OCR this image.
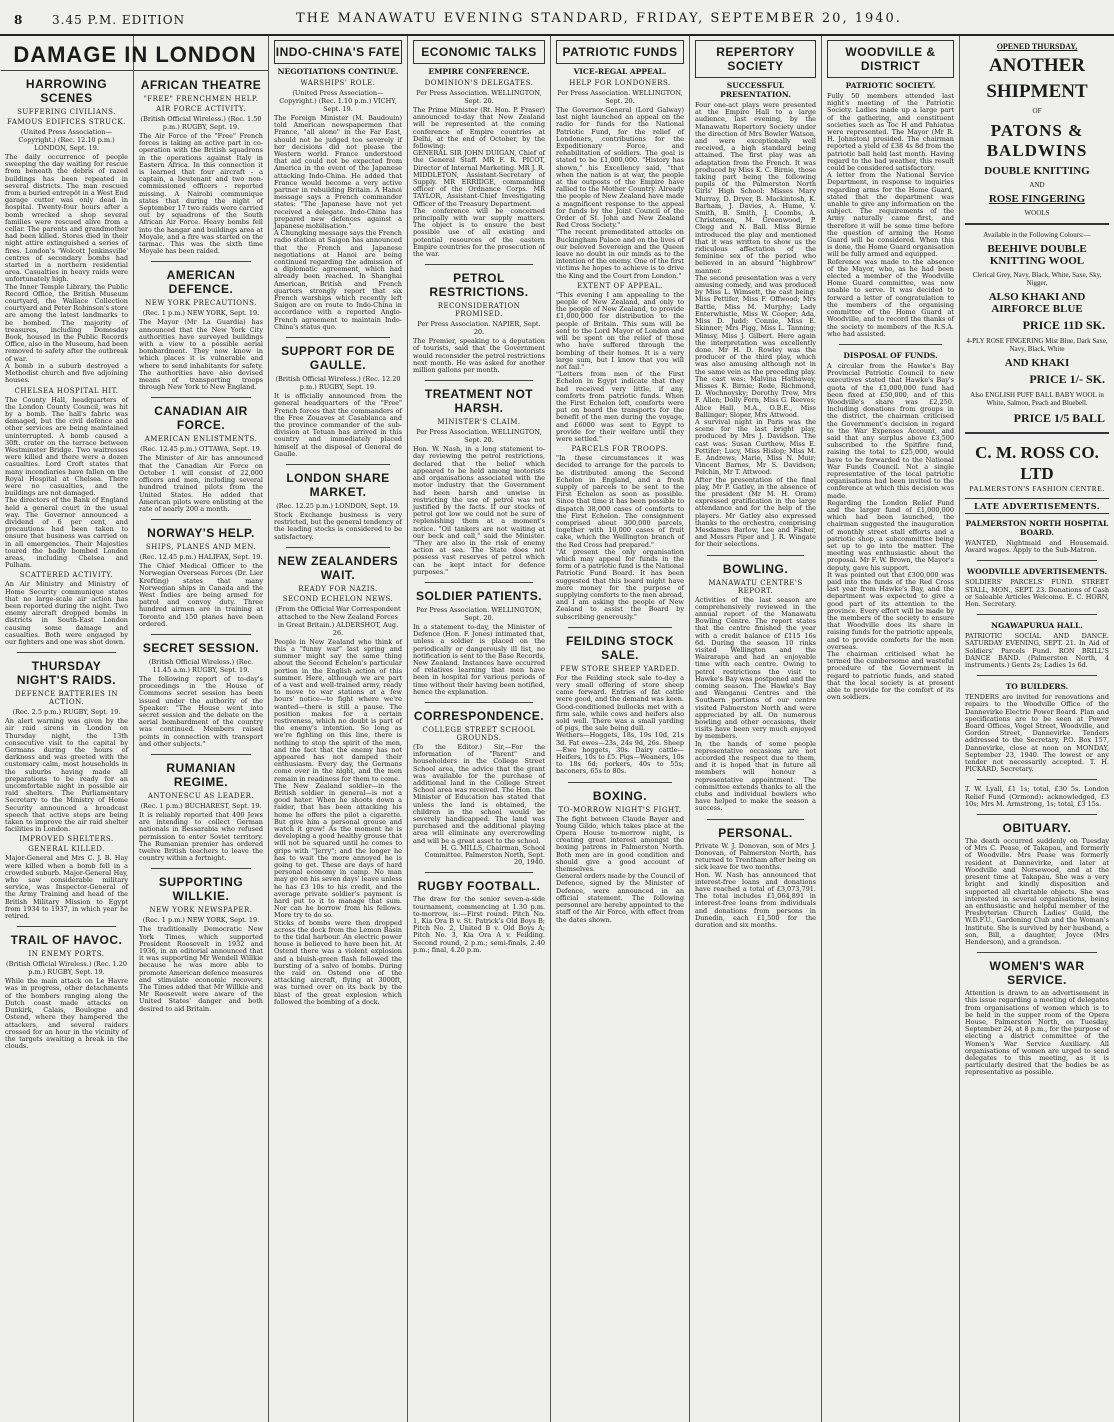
8 3.45 P.M. EDITION	THE MANAWATU EVENING STANDARD, FRIDAY, SEPTEMBER 20, 1940.
DAMAGE IN LONDON
HARROWING SCENES
SUFFERING CIVILIANS.
FAMOUS EDIFICES STRUCK.
(United Press Association—Copyright.) (Rec. 12.10 p.m.) LONDON, Sept. 19.

The daily occurrence of people sweeping the day waiting for rescue from beneath the debris of razed buildings has been repeated in several districts. The man rescued from a buried entrepôt in a West End garage cutter was only dead in hospital. Twenty-four hours after a bomb wrecked a shop several families were rescued alive from a cellar. The parents and grandmother had been killed. Stores died in their night attire extinguished a series of fires. London's 'Wolcott Jenkinsville' centres of secondary bombs had started in a northern residential area. Casualties in heavy raids were unfortunately high.

The Inner Temple Library, the Public Record Office, the British Museum courtyard, the Wallace Collection courtyard and Peter Robinson's store are among the latest landmarks to be bombed. The majority of treasures, including Domesday Book, housed in the Public Records Office, also in the Museum, had been removed to safety after the outbreak of war.

A bomb in a suburb destroyed a Methodist church and five adjoining houses.

CHELSEA HOSPITAL HIT.

The County Hall, headquarters of the London County Council, was hit by a bomb. The hall's fabric was damaged, but the civil defence and other services are being maintained uninterrupted. A bomb caused a 30ft. crater on the terrace between Westminster Bridge. Two waitresses were killed and there were a dozen casualties. Lord Croft states that many incendiaries have fallen on the Royal Hospital at Chelsea. There were no casualties, and the buildings are not damaged.

The directors of the Bank of England held a general court in the usual way. The Governor announced a dividend of 6 per cent, and precautions had been taken to ensure that business was carried on in all emergencies. Their Majesties toured the badly bombed London areas, including Chelsea and Pulham.

SCATTERED ACTIVITY.

An Air Ministry and Ministry of Home Security communique states that no large-scale air action has been reported during the night. Two enemy aircraft dropped bombs in districts in South-East London causing some damage and casualties. Both were engaged by our fighters and one was shot down.

THURSDAY NIGHT'S RAIDS.
DEFENCE BATTERIES IN ACTION.
(Rec. 2.5 p.m.) RUGBY, Sept. 19.

An alert warning was given by the air raid sirens in London on Thursday night, the 13th consecutive visit to the capital by Germans during the hours of darkness and was greeted with the customary calm, most households in the suburbs having made all preparations to be ready for an uncomfortable night in possible air raid shelters. The Parliamentary Secretary to the Ministry of Home Security announced a broadcast speech that active steps are being taken to improve the air raid shelter facilities in London.

IMPROVED SHELTERS.
GENERAL KILLED.

Major-General and Mrs C. J. B. Hay were killed when a bomb fell in a crowded suburb. Major-General Hay, who saw considerable military service, was Inspector-General of the Army Training and head of the British Military Mission to Egypt from 1934 to 1937, in which year he retired.

TRAIL OF HAVOC.
IN ENEMY PORTS.
(British Official Wireless.) (Rec. 1.20 p.m.) RUGBY, Sept. 19.

While the main attack on Le Havre was in progress, other detachments of the bombers ranging along the Dutch coast made attacks on Dunkirk, Calais, Boulogne and Ostend, where they hampered the attackers, and several raiders crossed for an hour in the vicinity of the targets awaiting a break in the clouds.

AFRICAN THEATRE
"FREE" FRENCHMEN HELP.
AIR FORCE ACTIVITY.
(British Official Wireless.) (Rec. 1.50 p.m.) RUGBY, Sept. 19.

The Air Force of the "Free" French forces is taking an active part in co-operation with the British squadrons in the operations against Italy in Eastern Africa. In this connection it is learned that four aircraft - a captain, a lieutenant and two non-commissioned officers - reported missing. A Nairobi communique states that during the night of September 17 two raids were carried out by squadrons of the South African Air Force. Heavy bombs fell into the hangar and buildings area at Moyale, and a fire was started on the tarmac. This was the sixth time Moyale has been raided.

AMERICAN DEFENCE.
NEW YORK PRECAUTIONS.
(Rec. 1 p.m.) NEW YORK, Sept. 19.

The Mayor (Mr La Guardia) has announced that the New York City authorities have surveyed buildings with a view to a possible aerial bombardment. They now know in which places it is vulnerable and where to send inhabitants for safety. The authorities have also devised means of transporting troops through New York to New England.

CANADIAN AIR FORCE.
AMERICAN ENLISTMENTS.
(Rec. 12.45 p.m.) OTTAWA, Sept. 19.

The Minister of Air has announced that the Canadian Air Force on October 1 will consist of 22,000 officers and men, including several hundred trained pilots from the United States. He added that American pilots were enlisting at the rate of nearly 200 a month.

NORWAY'S HELP.
SHIPS, PLANES AND MEN.
(Rec. 12.45 p.m.) HALIFAX, Sept. 19.

The Chief Medical Officer to the Norwegian Overseas Forces (Dr. Lier Krefting) states that many Norwegian ships in Canada and the West Indies are being armed for patrol and convoy duty. Three hundred airmen are in training at Toronto and 150 planes have been ordered.

SECRET SESSION.
(British Official Wireless.) (Rec. 11.45 a.m.) RUGBY, Sept. 19.

The following report of to-day's proceedings in the House of Commons secret session has been issued under the authority of the Speaker: "The House went into secret session and the debate on the aerial bombardment of the country was continued. Members raised points in connection with transport and other subjects."

RUMANIAN REGIME.
ANTONESCU AS LEADER.
(Rec. 1 p.m.) BUCHAREST, Sept. 19.

It is reliably reported that 400 Jews are intending to collect German nationals in Bessarabia who refused permission to enter Soviet territory. The Rumanian premier has ordered twelve British teachers to leave the country within a fortnight.

SUPPORTING WILLKIE.
NEW YORK NEWSPAPER.
(Rec. 1 p.m.) NEW YORK, Sept. 19.

The traditionally Democratic New York Times, which supported President Roosevelt in 1932 and 1936, in an editorial announced that it was supporting Mr Wendell Willkie because he was more able to promote American defence measures and stimulate economic recovery. The Times added that Mr Willkie and Mr Roosevelt were aware of the United States' danger and both desired to aid Britain.

INDO-CHINA'S FATE
NEGOTIATIONS CONTINUE.
WARSHIPS' ROLE.
(United Press Association—Copyright.) (Rec. 1.10 p.m.) VICHY, Sept. 19.

The Foreign Minister (M. Baudouin) told American newspapermen that France, "all alone" in the Far East, should not be judged too severely if her decisions did not please the Western world. France understood that aid could not be expected from America in the event of the Japanese attacking Indo-China. He added that France would become a very active partner in rebuilding Britain. A Hanoi message says a French commander states: "The Japanese have not yet received a delegate. Indo-China has prepared new defences against a Japanese mobilisation."

A Chungking message says the French radio station at Saigon has announced that the French and Japanese negotiations at Hanoi are being continued regarding the admission of a diplomatic agreement, which had already been reached. In Shanghai American, British and French quarters strongly report that six French warships which recently left Saigon are on route to Indo-China in accordance with a reported Anglo-French agreement to maintain Indo-China's status quo.

SUPPORT FOR DE GAULLE.
(British Official Wireless.) (Rec. 12.20 p.m.) RUGBY, Sept. 19.

It is officially announced from the general headquarters of the "Free" French forces that the commanders of the Free Zouaves at Casablanca and the province commander of the sub-division at Tetuan has arrived in this country and immediately placed himself at the disposal of General de Gaulle.

LONDON SHARE MARKET.
(Rec. 12.25 p.m.) LONDON, Sept. 19.

Stock Exchange business is very restricted, but the general tendency of the leading stocks is considered to be satisfactory.

NEW ZEALANDERS WAIT.
READY FOR NAZIS.
SECOND ECHELON NEWS.
(From the Official War Correspondent attached to the New Zealand Forces in Great Britain.) ALDERSHOT, Aug. 26.

People in New Zealand who think of this a "funny war" last spring and summer might say the same thing about the Second Echelon's particular portion in the English action of this summer. Here, although we are part of a vast and well-trained army, ready to move to war stations at a few hours' notice—to fight where we're wanted—there is still a pause. The position makes for a certain restiveness, which no doubt is part of the enemy's intention. So long as we're fighting on this line, there is nothing to stop the spirit of the men, and the fact that the enemy has not appeared has not damped their enthusiasm. Every day, the Germans come over in the night, and the men remain in readiness for them to come.

The New Zealand soldier—in the British soldier in general—is not a good hater. When he shoots down a raider, that has been attacking his home he offers the pilot a cigarette. But give him a personal grouse and watch it grow! As the moment he is developing a good healthy grouse that will not be squared until he comes to grips with "Jerry"; and the longer he has to wait the more annoyed he is going to get. These are days of hard personal economy in camp. No man may go on his seven days' leave unless he has £3 10s to his credit, and the average private soldier's payment is hard put to it to manage that sum. Nor can he borrow from his fellows. More try to do so.

Sticks of bombs were then dropped across the dock from the Lemon Basin to the tidal harbour. An electric power house is believed to have been hit. At Ostend there was a violent explosion and a bluish-green flash followed the bursting of a salvo of bombs. During the raid on Ostend one of the attacking aircraft, flying at 3000ft, was turned over on its back by the blast of the great explosion which followed the bombing of a dock.

ECONOMIC TALKS
EMPIRE CONFERENCE.
DOMINION'S DELEGATES.
Per Press Association. WELLINGTON, Sept. 20.

The Prime Minister (Rt. Hon. P. Fraser) announced to-day that New Zealand will be represented at the coming conference of Empire countries at Delhi, at the end of October, by the following:

GENERAL SIR JOHN DUIGAN, Chief of the General Staff. MR F. R. PICOT, Director of Internal Marketing. MR J. R. MIDDLETON, Assistant-Secretary of Supply. MR ERRIDGE, commanding officer of the Ordnance Corps. MR TAYLOR, Assistant-Chief Investigating Officer of the Treasury Department.

The conference will be concerned principally with war supply matters. The object is to ensure the best possible use of all existing and potential resources of the eastern Empire countries for the prosecution of the war.

PETROL RESTRICTIONS.
RECONSIDERATION PROMISED.
Per Press Association. NAPIER, Sept. 20.

The Premier, speaking to a deputation of tourists, said that the Government would reconsider the petrol restrictions next month. He was asked for another million gallons per month.

TREATMENT NOT HARSH.
MINISTER'S CLAIM.
Per Press Association. WELLINGTON, Sept. 20.

Hon. W. Nash, in a long statement to-day reviewing the petrol restrictions, declared that the belief which appeared to be held among motorists and organisations associated with the motor industry that the Government had been harsh and unwise in restricting the use of petrol was not justified by the facts. If our stocks of petrol got low we could not be sure of replenishing them at a moment's notice. "Oil tankers are not waiting at our beck and call," said the Minister. "They are also in the risk of enemy action at sea. The State does not possess vast reserves of petrol which can be kept intact for defence purposes."

SOLDIER PATIENTS.
Per Press Association. WELLINGTON, Sept. 20.

In a statement to-day, the Minister of Defence (Hon. F. Jones) intimated that, unless a soldier is placed on the periodically or dangerously ill list, no notification is sent to the Base Records, New Zealand. Instances have occurred of relatives learning that men have been in hospital for various periods of time without their having been notified, hence the explanation.

CORRESPONDENCE.
COLLEGE STREET SCHOOL GROUNDS.

(To the Editor.) Sir,—For the information of "Parent" and householders in the College Street School area, the advice that the grant was available for the purchase of additional land in the College Street School area was received. The Hon. the Minister of Education has stated that unless the land is obtained, the children in the school would be severely handicapped. The land was purchased and the additional playing area will eliminate any overcrowding and will be a great asset to the school.

H. G. MILLS, Chairman, School Committee. Palmerston North, Sept. 20, 1940.

RUGBY FOOTBALL.

The draw for the senior seven-a-side tournament, commencing at 1.30 p.m. to-morrow, is:—First round: Pitch No. 1, Kia Ora B v. St. Patrick's Old Boys B; Pitch No. 2, United B v. Old Boys A; Pitch No. 3, Kia Ora A v. Feilding. Second round, 2 p.m.; semi-finals, 2.40 p.m.; final, 4.20 p.m.

PATRIOTIC FUNDS
VICE-REGAL APPEAL.
HELP FOR LONDONERS.
Per Press Association. WELLINGTON, Sept. 20.

The Governor-General (Lord Galway) last night launched an appeal on the radio for funds for the National Patriotic Fund, for the relief of Londoners, contributions for the Expeditionary Force, and rehabilitation of soldiers. The goal is stated to be £1,000,000. "History has shown," his Excellency said, "that when the nation is at war, the people at the outposts of the Empire have rallied to the Mother Country. Already the people of New Zealand have made a magnificent response to the appeal for funds by the Joint Council of the Order of St. John and New Zealand Red Cross Society."

"The recent premeditated attacks on Buckingham Palace and on the lives of our beloved Sovereign and the Queen leave no doubt in our minds as to the intention of the enemy. One of the first victims he hopes to achieve is to drive the King and the Court from London."

EXTENT OF APPEAL.

"This evening I am appealing to the people of New Zealand, and only to the people of New Zealand, to provide £1,000,000 for distribution to the people of Britain. This sum will be sent to the Lord Mayor of London and will be spent on the relief of those who have suffered through the bombing of their homes. It is a very large sum, but I know that you will not fail."

"Letters from men of the First Echelon in Egypt indicate that they had received very little, if any, comforts from patriotic funds. When the First Echelon left, comforts were put on board the transports for the benefit of the men during the voyage, and £6000 was sent to Egypt to provide for their welfare until they were settled."

PARCELS FOR TROOPS.

"In these circumstances it was decided to arrange for the parcels to be distributed among the Second Echelon in England, and a fresh supply of parcels to be sent to the First Echelon as soon as possible. Since that time it has been possible to dispatch 38,000 cases of comforts to the First Echelon. The consignment comprised about 300,000 parcels, together with 10,000 cases of fruit cake, which the Wellington branch of the Red Cross had prepared."

"At present the only organisation which may appeal for funds in the form of a patriotic fund is the National Patriotic Fund Board. It has been suggested that this board might have more money for the purpose of supplying comforts to the men abroad, and I am asking the people of New Zealand to assist the Board by subscribing generously."

FEILDING STOCK SALE.
FEW STORE SHEEP YARDED.

For the Feilding stock sale to-day a very small offering of store sheep came forward. Entries of fat cattle were good, and the demand was keen. Good-conditioned bullocks met with a firm sale, while cows and heifers also sold well. There was a small yarding of pigs, the sale being dull.

Wethers—Hoggets, 18s, 19s 10d, 21s 3d. Fat ewes—23s, 24s 9d, 26s. Sheep—Ewe hoggets, 30s. Dairy cattle—Heifers, 10s to £5. Pigs—Weaners, 10s to 18s 6d; porkers, 40s to 55s; baconers, 65s to 80s.

BOXING.
TO-MORROW NIGHT'S FIGHT.

The fight between Claude Bayer and Young Gildo, which takes place at the Opera House to-morrow night, is creating great interest amongst the boxing patrons in Palmerston North. Both men are in good condition and should give a good account of themselves.

General orders made by the Council of Defence, signed by the Minister of Defence, were announced in an official statement. The following personnel are hereby appointed to the staff of the Air Force, with effect from the dates shown.

REPERTORY SOCIETY
SUCCESSFUL PRESENTATION.

Four one-act plays were presented at the Empire Hall to a large audience, last evening, by the Manawatu Repertory Society under the direction of Mrs Bowler Watson, and were exceptionally well received, a high standard being attained. The first play was an adaptation from the French. It was produced by Miss K. C. Birnie, those taking part being the following pupils of the Palmerston North Girls' High School: Misses Mary Murray, D. Dryer, B. Mackintosh, K. Barham, J. Davies, A. Hume, V. Smith, B. Smith, J. Coombs, A. Christensen, M. Greenwood, P. Clegg and N. Ball. Miss Birnie introduced the play and mentioned that it was written to show us the ridiculous affectation of the feminine sex of the period who believed in an absurd "highbrow" manner.

The second presentation was a very amusing comedy, and was produced by Miss L. Wimsett, the cast being: Miss Pettifer, Miss F. Offwood; Mrs Battle, Miss M. Murphy; Lady Enterwhistle, Miss W. Cooper; Ada, Miss D. Judd; Connie, Miss E. Skinner; Mrs Pigg, Miss L. Tanning; Mimsy, Miss J. Gilbert. Here again the interpretation was excellently done. Mr H. D. Rowley was the producer of the third play, which was also amusing although not in the same vein as the preceding play. The cast was: Malvina Hathaway, Misses K. Birnie; Rede, Richmond, D. Wochnoysky; Dorothy Trew, Mrs F. Allen; Dolly Fern, Miss G. Reeves; Alice Hall, M.A., O.B.E., Miss Ballinger; Sloper, Mrs Attwood.

A survival night in Paris was the scene for the last bright play, produced by Mrs J. Davidson. The cast was: Susan Curthew, Miss E. Pettifer; Lucy, Miss Hislop; Miss M. E. Andrews; Marie, Miss N. Muir; Vincent Barnes, Mr S. Davidson; Pelchin, Mr T. Attwood.

After the presentation of the final play, Mr P. Gatley, in the absence of the president (Mr M. H. Oram) expressed gratification in the large attendance and for the help of the players. Mr Gatley also expressed thanks to the orchestra, comprising Mesdames Barlow, Lee and Fisher, and Messrs Piper and J. R. Wingate for their selections.

BOWLING.
MANAWATU CENTRE'S REPORT.

Activities of the last season are comprehensively reviewed in the annual report of the Manawatu Bowling Centre. The report states that the centre finished the year with a credit balance of £115 16s 6d. During the season 10 rinks visited Wellington and the Wairarapa and had an enjoyable time with each centre. Owing to petrol restrictions the visit to Hawke's Bay was postponed and the coming season. The Hawke's Bay and Wanganui Centres and the Southern portions of our centre visited Palmerston North and were appreciated by all. On numerous bowling and other occasions, their visits have been very much enjoyed by members.

In the hands of some people representative occasions are not accorded the respect due to them, and it is hoped that in future all members will honour a representative appointment. The committee extends thanks to all the clubs and individual bowlers who have helped to make the season a success.

PERSONAL.

Private W. J. Donovan, son of Mrs J. Donovan, of Palmerston North, has returned to Trentham after being on sick leave for two months.

Hon. W. Nash has announced that interest-free loans and donations have reached a total of £3,073,791. The total includes £1,064,891 in interest-free loans from individuals and donations from persons in Dunedin, each £1,500 for the duration and six months.

WOODVILLE & DISTRICT
PATRIOTIC SOCIETY.

Fully 50 members attended last night's meeting of the Patriotic Society. Ladies made up a large part of the gathering, and constituent societies such as Toc H and Pahiatua were represented. The Mayor (Mr R. H. Johnston) presided. The chairman reported a yield of £38 4s 8d from the patriotic ball held last month. Having regard to the bad weather, this result could be considered satisfactory.

A letter from the National Service Department, in response to inquiries regarding arms for the Home Guard, stated that the department was unable to give any information on the subject. The requirements of the Army naturally came first, and therefore it will be some time before the question of arming the Home Guard will be considered. When this is done, the Home Guard organisation will be fully armed and equipped.

Reference was made to the absence of the Mayor, who, as he had been elected a member of the Woodville Home Guard committee, was now unable to serve. It was decided to forward a letter of congratulation to the members of the organising committee of the Home Guard at Woodville, and to record the thanks of the society to members of the R.S.A. who had assisted.

DISPOSAL OF FUNDS.

A circular from the Hawke's Bay Provincial Patriotic Council to new executives stated that Hawke's Bay's quota of the £1,000,000 fund had been fixed at £50,000, and of this Woodville's share was £2,250. Including donations from groups in the district, the chairman criticised the Government's decision in regard to the War Expenses Account, and said that any surplus above £3,500 subscribed to the Spitfire fund, raising the total to £25,000, would have to be forwarded to the National War Funds Council. Not a single representative of the local patriotic organisations had been invited to the conference at which this decision was made.

Regarding the London Relief Fund and the larger fund of £1,000,000 which had been launched, the chairman suggested the inauguration of monthly street stall efforts and a patriotic shop, a subcommittee being set up to go into the matter. The meeting was enthusiastic about the proposal. Mr F. W. Brown, the Mayor's deputy, gave his support.

It was pointed out that £300,000 was paid into the funds of the Red Cross last year from Hawke's Bay, and the department was expected to give a good part of its attention to the province. Every effort will be made by the members of the society to ensure that Woodville does its share in raising funds for the patriotic appeals, and to provide comforts for the men overseas.

The chairman criticised what he termed the cumbersome and wasteful procedure of the Government in regard to patriotic funds, and stated that the local society is at present able to provide for the comfort of its own soldiers.

OPENED THURSDAY,
ANOTHER
SHIPMENT
OF
PATONS & BALDWINS
DOUBLE KNITTING
AND
ROSE FINGERING
WOOLS
Available in the Following Colours:—
BEEHIVE DOUBLE KNITTING WOOL
Clerical Grey, Navy, Black, White, Saxe, Sky, Nigger,
ALSO KHAKI AND AIRFORCE BLUE
PRICE 11D SK.
4-PLY ROSE FINGERING Mist Blue, Dark Saxe, Navy, Black, White
AND KHAKI
PRICE 1/- SK.
Also ENGLISH PUFF BALL BABY WOOL in White, Salmon, Peach and Bluebell.
PRICE 1/5 BALL
C. M. ROSS CO. LTD
PALMERSTON'S FASHION CENTRE.
LATE ADVERTISEMENTS.
PALMERSTON NORTH HOSPITAL BOARD.

WANTED, Nightmaid and Housemaid. Award wages. Apply to the Sub-Matron.

WOODVILLE ADVERTISEMENTS.

SOLDIERS' PARCELS' FUND. STREET STALL, MON., SEPT. 23. Donations of Cash or Saleable Articles Welcome. E. C. HORN, Hon. Secretary.

NGAWAPURUA HALL.

PATRIOTIC SOCIAL AND DANCE. SATURDAY EVENING, SEPT. 21. In Aid of Soldiers' Parcels Fund. RON BRILL'S DANCE BAND. (Palmerston North, 4 instruments.) Gents 2s; Ladies 1s 6d.

TO BUILDERS.

TENDERS are invited for renovations and repairs to the Woodville Office of the Dannevirke Electric Power Board. Plan and specifications are to be seen at Power Board Offices, Vogel Street, Woodville, and Gordon Street, Dannevirke. Tenders addressed to the Secretary, P.O. Box 157, Dannevirke, close at noon on MONDAY, September 23, 1940. The lowest or any tender not necessarily accepted. T. H. PICKARD, Secretary.

T. W. Lyall, £1 1s; total, £30 5s. London Relief Fund (Ormond): acknowledged, £3 10s; Mrs M. Armstrong, 1s; total, £3 15s.

OBITUARY.

The death occurred suddenly on Tuesday of Mrs C. Pease, of Takapau, and formerly of Woodville. Mrs Pease was formerly resident at Dannevirke, and later at Woodville and Norsewood, and at the present time at Takapau. She was a very bright and kindly disposition and supported all charitable objects. She was interested in several organisations, being an enthusiastic and helpful member of the Presbyterian Church Ladies' Guild, the W.D.F.U., Gardening Club and the Woman's Institute. She is survived by her husband, a son, Bill, a daughter, Joyce (Mrs Henderson), and a grandson.

WOMEN'S WAR SERVICE.

Attention is drawn to an advertisement in this issue regarding a meeting of delegates from organisations of women which is to be held in the supper room of the Opera House, Palmerston North, on Tuesday, September 24, at 8 p.m., for the purpose of electing a district committee of the Women's War Service Auxiliary. All organisations of women are urged to send delegates to this meeting, as it is particularly desired that the bodies be as representative as possible.
